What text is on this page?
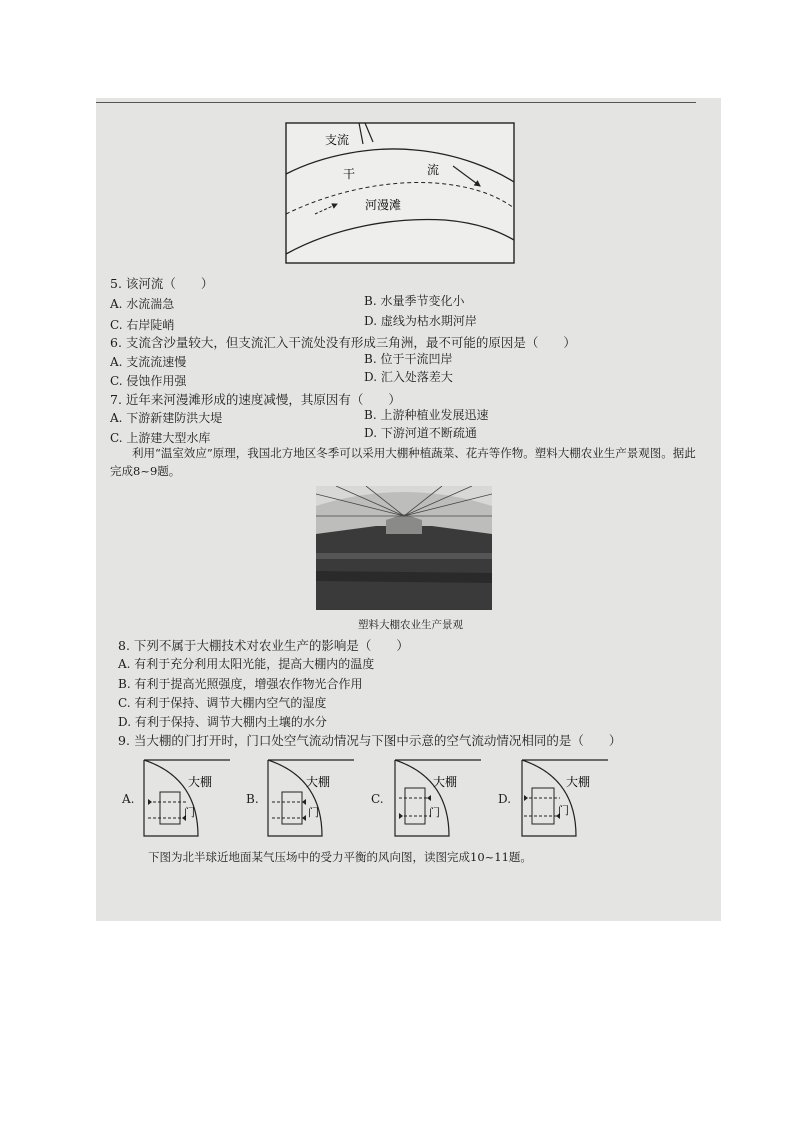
支流
干	流
河漫滩
5. 该河流（　　）
A. 水流湍急	B. 水量季节变化小
C. 右岸陡峭	D. 虚线为枯水期河岸
6. 支流含沙量较大，但支流汇入干流处没有形成三角洲，最不可能的原因是（　　）
A. 支流流速慢	B. 位于干流凹岸
C. 侵蚀作用强	D. 汇入处落差大
7. 近年来河漫滩形成的速度减慢，其原因有（　　）
A. 下游新建防洪大堤	B. 上游种植业发展迅速
C. 上游建大型水库	D. 下游河道不断疏通
利用“温室效应”原理，我国北方地区冬季可以采用大棚种植蔬菜、花卉等作物。塑料大棚农业生产景观图。据此完成8~9题。
塑料大棚农业生产景观
8. 下列不属于大棚技术对农业生产的影响是（　　）
A. 有利于充分利用太阳光能，提高大棚内的温度
B. 有利于提高光照强度，增强农作物光合作用
C. 有利于保持、调节大棚内空气的湿度
D. 有利于保持、调节大棚内土壤的水分
9. 当大棚的门打开时，门口处空气流动情况与下图中示意的空气流动情况相同的是（　　）
A.
大棚
门
B.
大棚
门
C.
大棚
门
D.
大棚
门
下图为北半球近地面某气压场中的受力平衡的风向图，读图完成10~11题。
